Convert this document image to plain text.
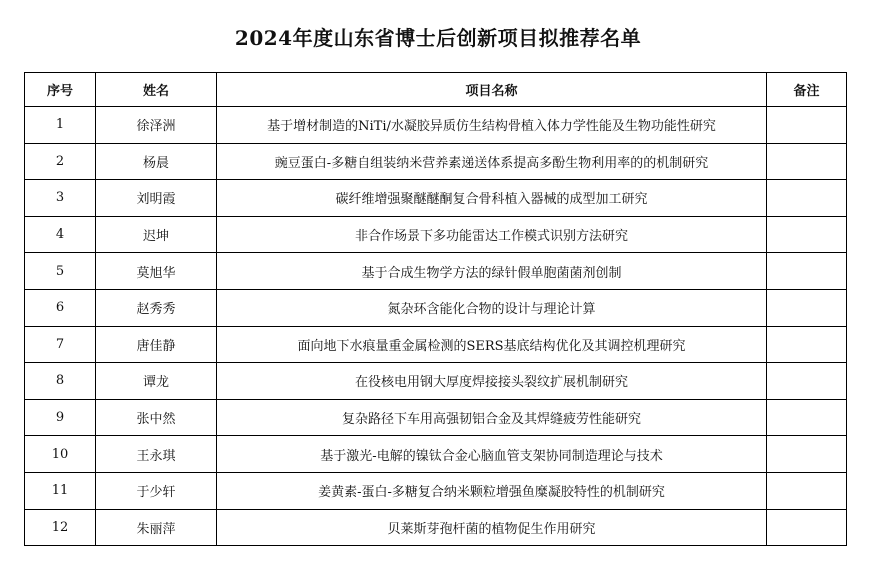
2024年度山东省博士后创新项目拟推荐名单
序号	姓名	项目名称	备注
1	徐泽洲	基于增材制造的NiTi/水凝胶异质仿生结构骨植入体力学性能及生物功能性研究	
2	杨晨	豌豆蛋白-多糖自组装纳米营养素递送体系提高多酚生物利用率的的机制研究	
3	刘明霞	碳纤维增强聚醚醚酮复合骨科植入器械的成型加工研究	
4	迟坤	非合作场景下多功能雷达工作模式识别方法研究	
5	莫旭华	基于合成生物学方法的绿针假单胞菌菌剂创制	
6	赵秀秀	氮杂环含能化合物的设计与理论计算	
7	唐佳静	面向地下水痕量重金属检测的SERS基底结构优化及其调控机理研究	
8	谭龙	在役核电用钢大厚度焊接接头裂纹扩展机制研究	
9	张中然	复杂路径下车用高强韧铝合金及其焊缝疲劳性能研究	
10	王永琪	基于激光-电解的镍钛合金心脑血管支架协同制造理论与技术	
11	于少轩	姜黄素-蛋白-多糖复合纳米颗粒增强鱼糜凝胶特性的机制研究	
12	朱丽萍	贝莱斯芽孢杆菌的植物促生作用研究	
